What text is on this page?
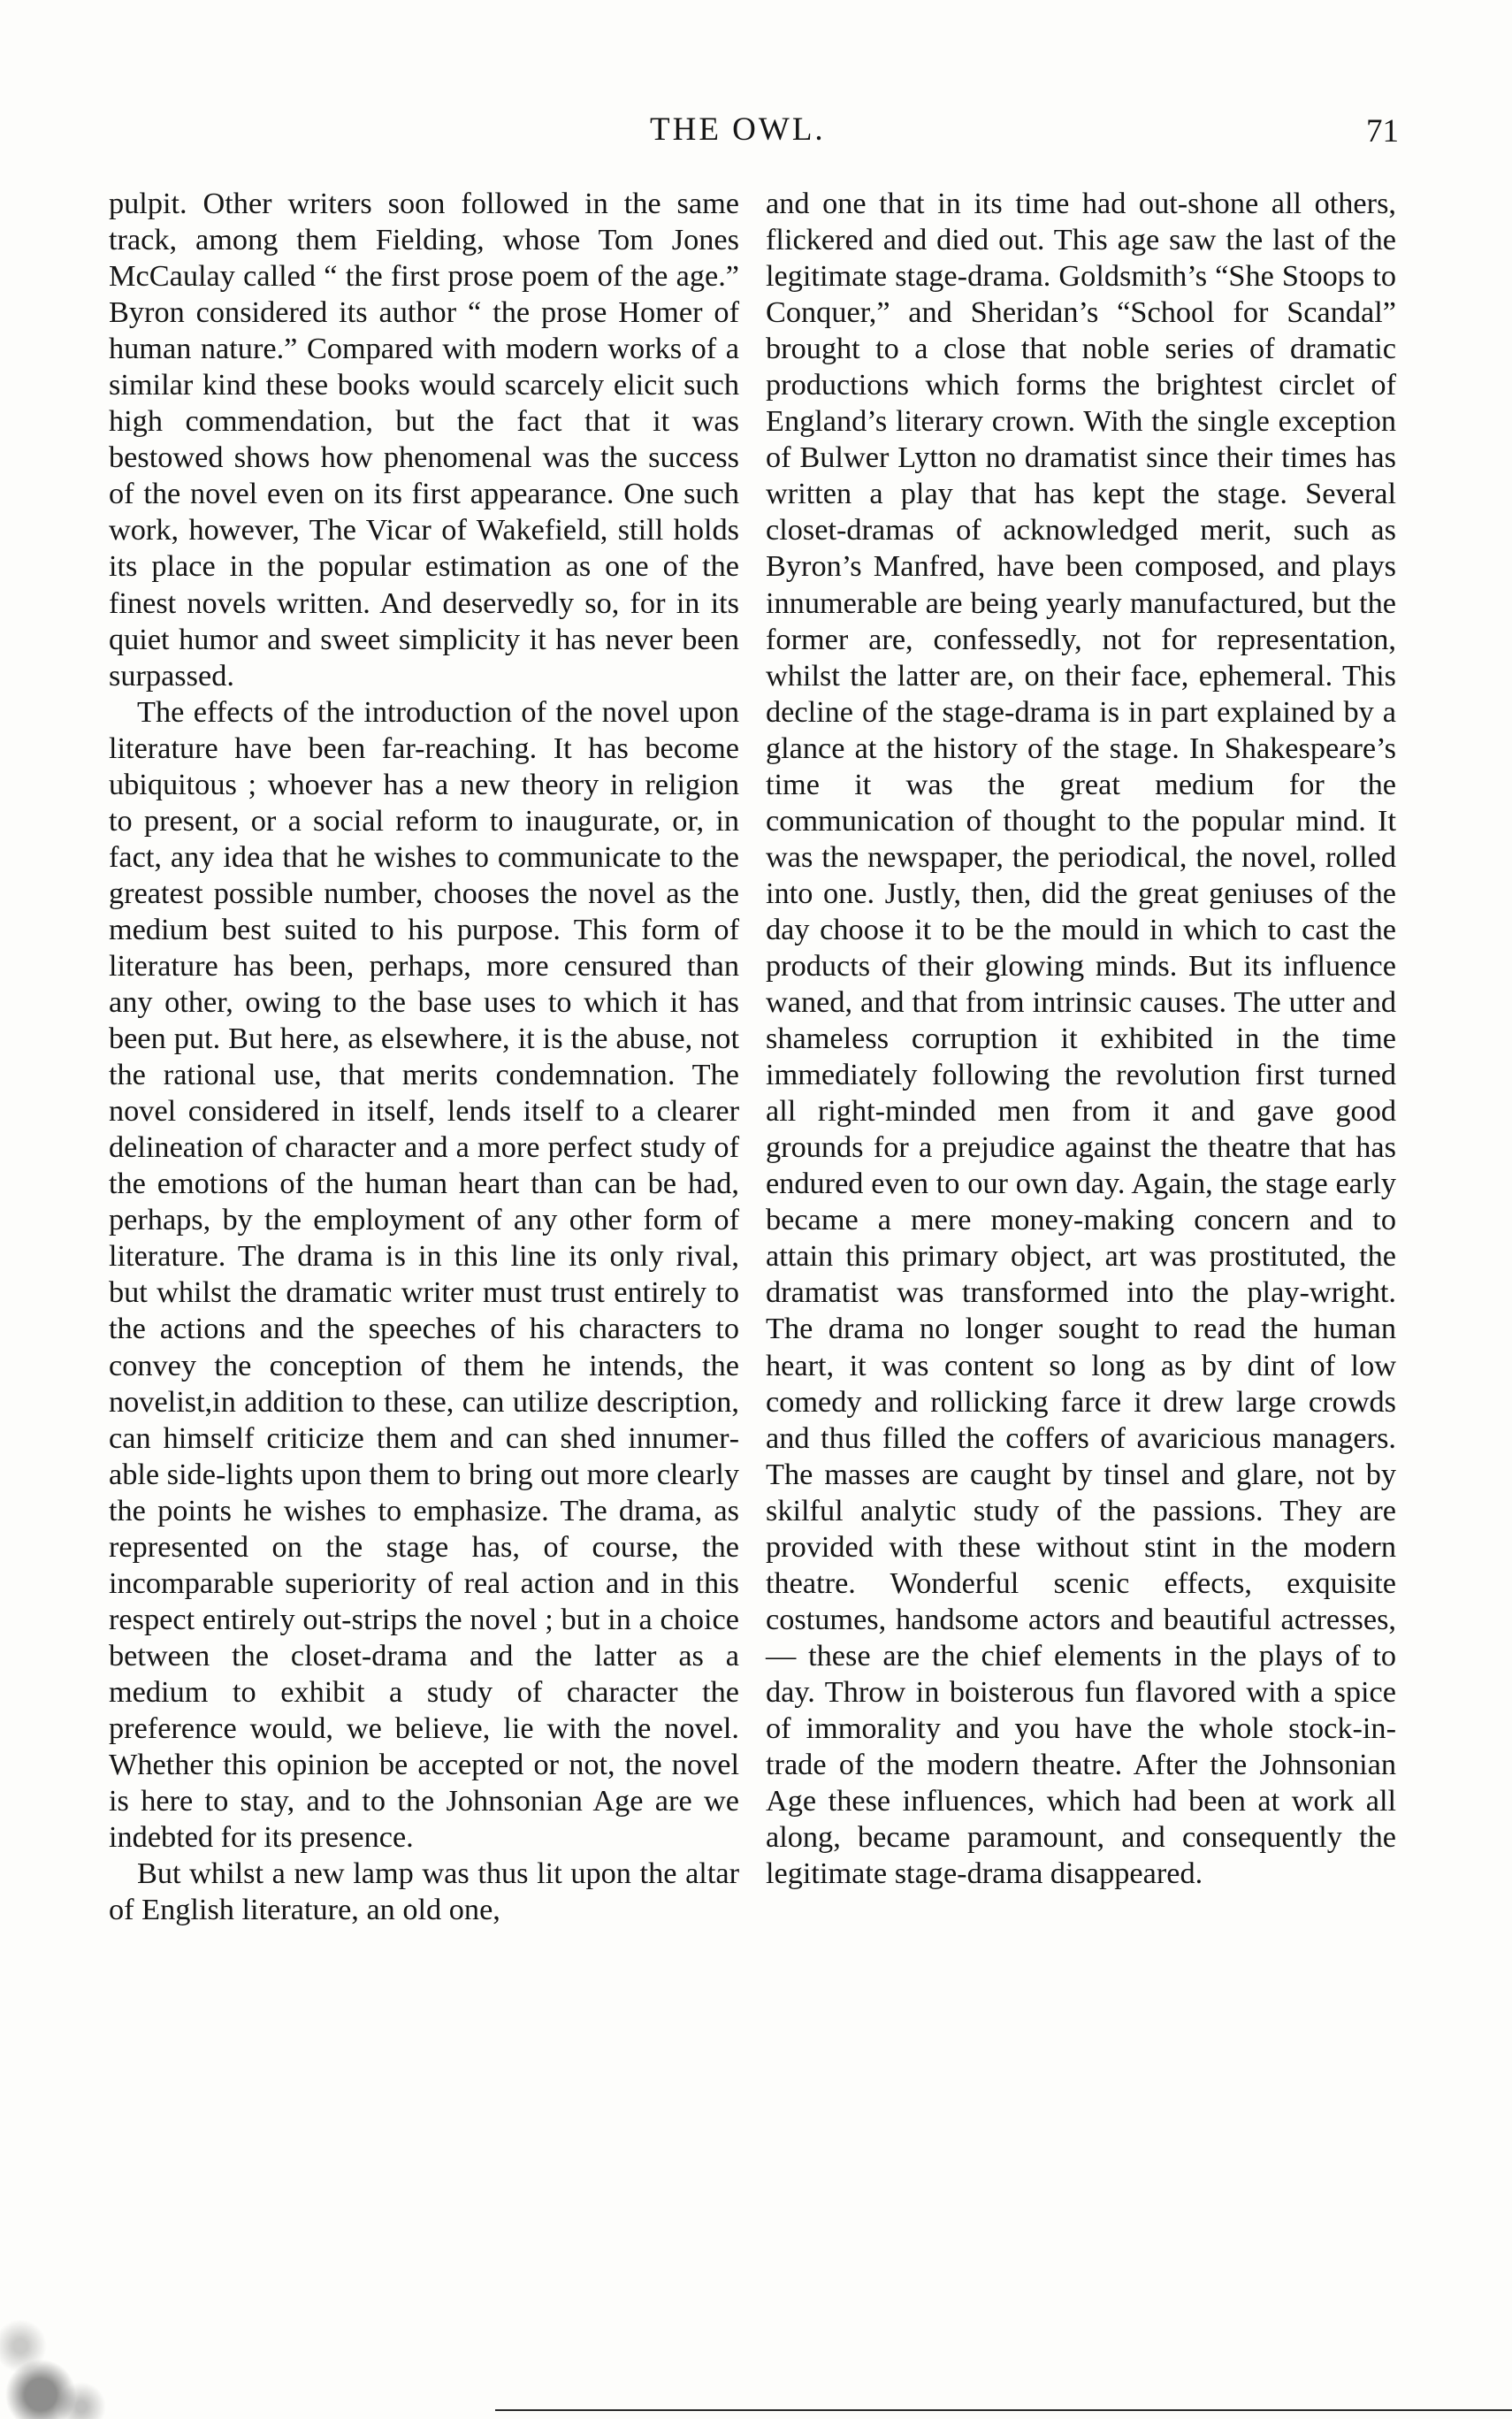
THE OWL.	71

pulpit. Other writers soon followed in the same track, among them Fielding, whose Tom Jones McCaulay called “ the first prose poem of the age.” Byron considered its author “ the prose Homer of human nature.” Compared with modern works of a similar kind these books would scarcely elicit such high commendation, but the fact that it was bestowed shows how phenomenal was the success of the novel even on its first appearance. One such work, however, The Vicar of Wakefield, still holds its place in the popular estimation as one of the finest novels written. And deservedly so, for in its quiet humor and sweet simplicity it has never been surpassed.

The effects of the introduction of the novel upon literature have been far-reaching. It has become ubiquitous ; whoever has a new theory in religion to present, or a social reform to inaugurate, or, in fact, any idea that he wishes to communicate to the greatest possible number, chooses the novel as the medium best suited to his purpose. This form of literature has been, perhaps, more censured than any other, owing to the base uses to which it has been put. But here, as elsewhere, it is the abuse, not the rational use, that merits condemnation. The novel considered in itself, lends itself to a clearer delineation of character and a more perfect study of the emotions of the human heart than can be had, perhaps, by the employment of any other form of literature. The drama is in this line its only rival, but whilst the dramatic writer must trust entirely to the actions and the speeches of his characters to convey the conception of them he intends, the novelist,in addition to these, can utilize description, can himself criticize them and can shed innumerable side-lights upon them to bring out more clearly the points he wishes to emphasize. The drama, as represented on the stage has, of course, the incomparable superiority of real action and in this respect entirely out-strips the novel ; but in a choice between the closet-drama and the latter as a medium to exhibit a study of character the preference would, we believe, lie with the novel. Whether this opinion be accepted or not, the novel is here to stay, and to the Johnsonian Age are we indebted for its presence.

But whilst a new lamp was thus lit upon the altar of English literature, an old one,

and one that in its time had out-shone all others, flickered and died out. This age saw the last of the legitimate stage-drama. Goldsmith’s “She Stoops to Conquer,” and Sheridan’s “School for Scandal” brought to a close that noble series of dramatic productions which forms the brightest circlet of England’s literary crown. With the single exception of Bulwer Lytton no dramatist since their times has written a play that has kept the stage. Several closet-dramas of acknowledged merit, such as Byron’s Manfred, have been composed, and plays innumerable are being yearly manufactured, but the former are, confessedly, not for representation, whilst the latter are, on their face, ephemeral. This decline of the stage-drama is in part explained by a glance at the history of the stage. In Shakespeare’s time it was the great medium for the communication of thought to the popular mind. It was the newspaper, the periodical, the novel, rolled into one. Justly, then, did the great geniuses of the day choose it to be the mould in which to cast the products of their glowing minds. But its influence waned, and that from intrinsic causes. The utter and shameless corruption it exhibited in the time immediately following the revolution first turned all right-minded men from it and gave good grounds for a prejudice against the theatre that has endured even to our own day. Again, the stage early became a mere money-making concern and to attain this primary object, art was prostituted, the dramatist was transformed into the play-wright. The drama no longer sought to read the human heart, it was content so long as by dint of low comedy and rollicking farce it drew large crowds and thus filled the coffers of avaricious managers. The masses are caught by tinsel and glare, not by skilful analytic study of the passions. They are provided with these without stint in the modern theatre. Wonderful scenic effects, exquisite costumes, handsome actors and beautiful actresses,— these are the chief elements in the plays of to day. Throw in boisterous fun flavored with a spice of immorality and you have the whole stock-in-trade of the modern theatre. After the Johnsonian Age these influences, which had been at work all along, became paramount, and consequently the legitimate stage-drama disappeared.
